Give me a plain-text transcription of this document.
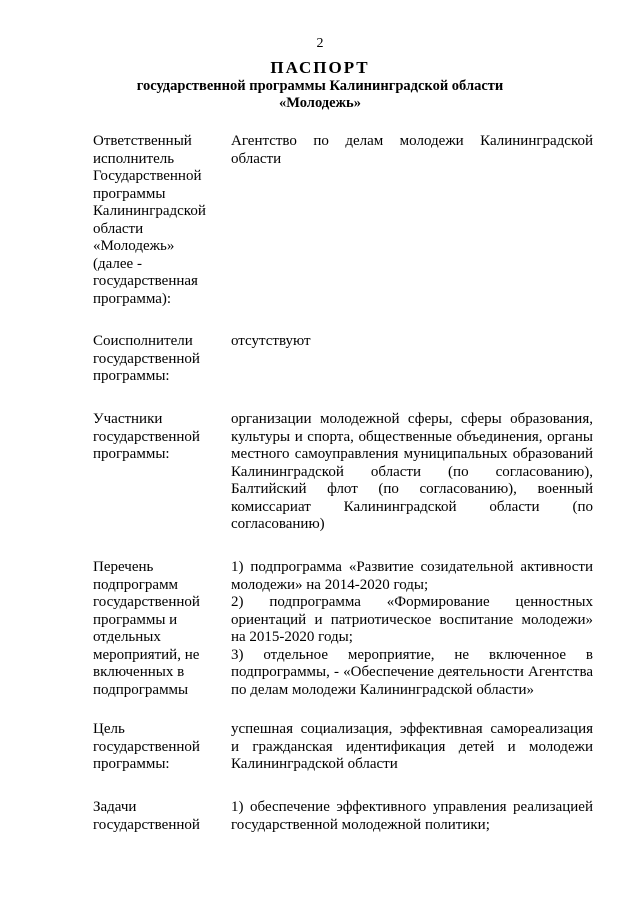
2
ПАСПОРТ
государственной программы Калининградской области
«Молодежь»
Ответственный исполнитель Государственной программы Калининградской области «Молодежь» (далее - государственная программа):

Агентство по делам молодежи Калининградской области

Соисполнители государственной программы:

отсутствуют

Участники государственной программы:

организации молодежной сферы, сферы образования, культуры и спорта, общественные объединения, органы местного самоуправления муниципальных образований Калининградской области (по согласованию), Балтийский флот (по согласованию), военный комиссариат Калининградской области (по согласованию)

Перечень подпрограмм государственной программы и отдельных мероприятий, не включенных в подпрограммы

1) подпрограмма «Развитие созидательной активности молодежи» на 2014-2020 годы;

2) подпрограмма «Формирование ценностных ориентаций и патриотическое воспитание молодежи» на 2015-2020 годы;

3) отдельное мероприятие, не включенное в подпрограммы, - «Обеспечение деятельности Агентства по делам молодежи Калининградской области»

Цель государственной программы:

успешная социализация, эффективная самореализация и гражданская идентификация детей и молодежи Калининградской области

Задачи государственной

1) обеспечение эффективного управления реализацией государственной молодежной политики;
